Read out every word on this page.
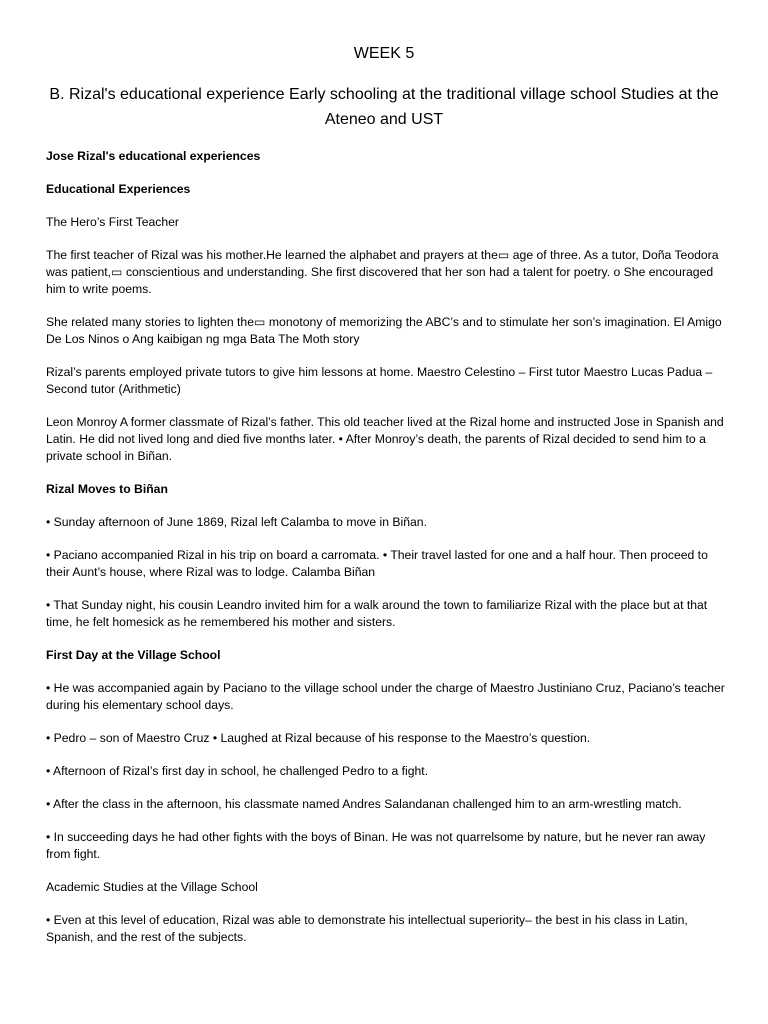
WEEK 5
B. Rizal's educational experience Early schooling at the traditional village school Studies at the Ateneo and UST

Jose Rizal's educational experiences

Educational Experiences

The Hero’s First Teacher

The first teacher of Rizal was his mother.He learned the alphabet and prayers at the▭ age of three. As a tutor, Doña Teodora was patient,▭ conscientious and understanding. She first discovered that her son had a talent for poetry. o She encouraged him to write poems.

She related many stories to lighten the▭ monotony of memorizing the ABC’s and to stimulate her son’s imagination. El Amigo De Los Ninos o Ang kaibigan ng mga Bata The Moth story

Rizal’s parents employed private tutors to give him lessons at home. Maestro Celestino – First tutor Maestro Lucas Padua – Second tutor (Arithmetic)

Leon Monroy A former classmate of Rizal’s father. This old teacher lived at the Rizal home and instructed Jose in Spanish and Latin. He did not lived long and died five months later. • After Monroy’s death, the parents of Rizal decided to send him to a private school in Biñan.

Rizal Moves to Biñan

• Sunday afternoon of June 1869, Rizal left Calamba to move in Biñan.

• Paciano accompanied Rizal in his trip on board a carromata. • Their travel lasted for one and a half hour. Then proceed to their Aunt’s house, where Rizal was to lodge. Calamba Biñan

• That Sunday night, his cousin Leandro invited him for a walk around the town to familiarize Rizal with the place but at that time, he felt homesick as he remembered his mother and sisters.

First Day at the Village School

• He was accompanied again by Paciano to the village school under the charge of Maestro Justiniano Cruz, Paciano’s teacher during his elementary school days.

• Pedro – son of Maestro Cruz • Laughed at Rizal because of his response to the Maestro’s question.

• Afternoon of Rizal’s first day in school, he challenged Pedro to a fight.

• After the class in the afternoon, his classmate named Andres Salandanan challenged him to an arm-wrestling match.

• In succeeding days he had other fights with the boys of Binan. He was not quarrelsome by nature, but he never ran away from fight.

Academic Studies at the Village School

• Even at this level of education, Rizal was able to demonstrate his intellectual superiority– the best in his class in Latin, Spanish, and the rest of the subjects.
